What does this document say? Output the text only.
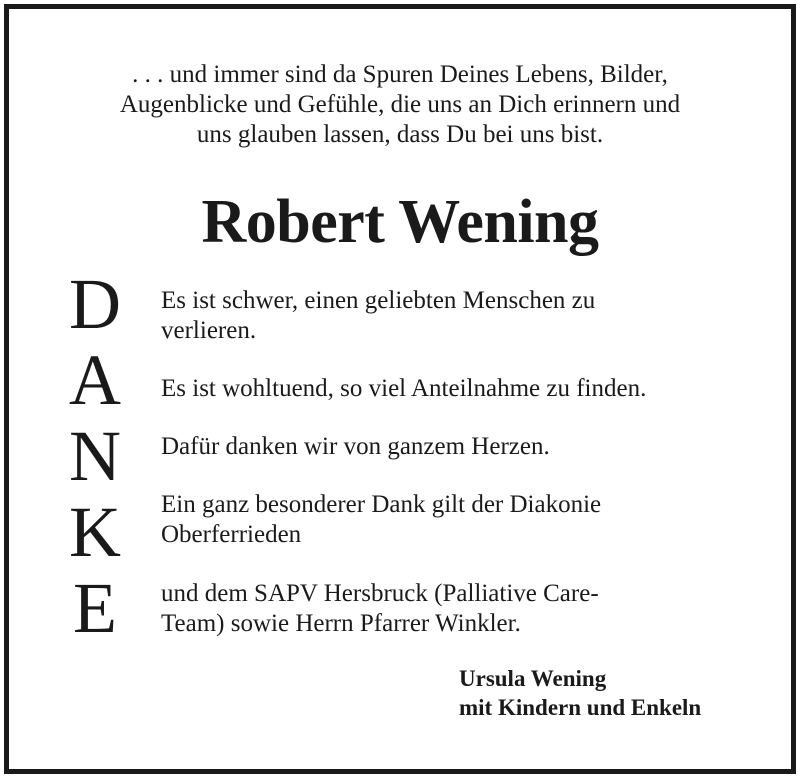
. . . und immer sind da Spuren Deines Lebens, Bilder,
Augenblicke und Gefühle, die uns an Dich erinnern und
uns glauben lassen, dass Du bei uns bist.
Robert Wening
D
A
N
K
E
Es ist schwer, einen geliebten Menschen zu
verlieren.
Es ist wohltuend, so viel Anteilnahme zu finden.
Dafür danken wir von ganzem Herzen.
Ein ganz besonderer Dank gilt der Diakonie
Oberferrieden
und dem SAPV Hersbruck (Palliative Care-
Team) sowie Herrn Pfarrer Winkler.
Ursula Wening
mit Kindern und Enkeln
